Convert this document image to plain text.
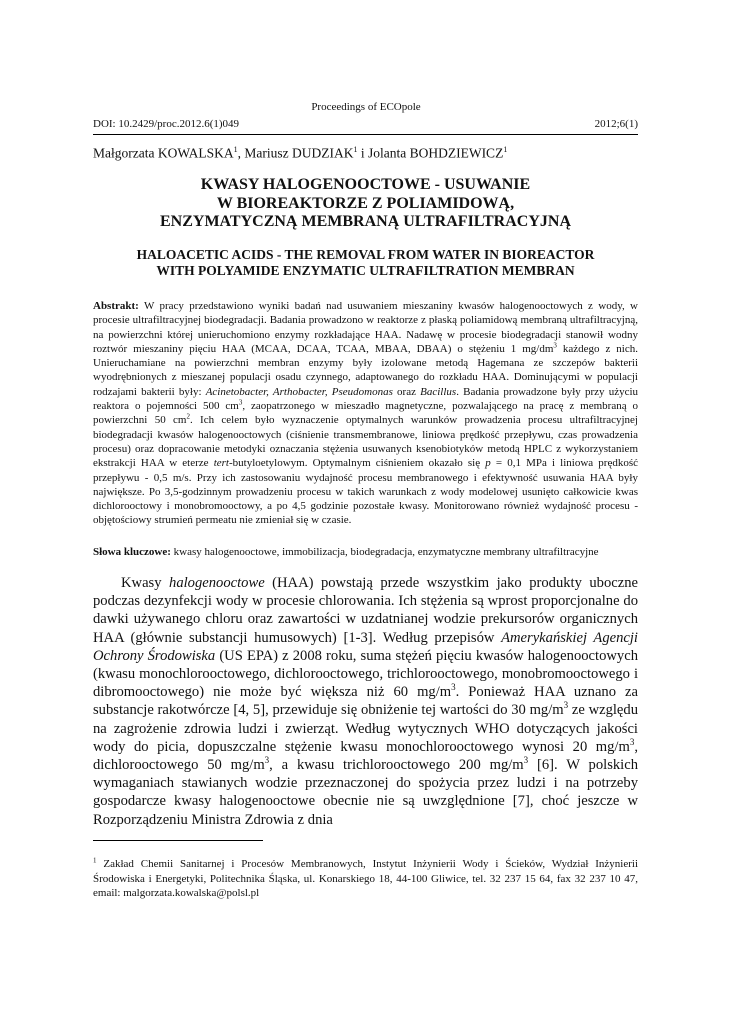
Proceedings of ECOpole
DOI: 10.2429/proc.2012.6(1)049	2012;6(1)
Małgorzata KOWALSKA$^1$, Mariusz DUDZIAK$^1$ i Jolanta BOHDZIEWICZ$^1$
KWASY HALOGENOOCTOWE - USUWANIE
W BIOREAKTORZE Z POLIAMIDOWĄ,
ENZYMATYCZNĄ MEMBRANĄ ULTRAFILTRACYJNĄ
HALOACETIC ACIDS - THE REMOVAL FROM WATER IN BIOREACTOR
WITH POLYAMIDE ENZYMATIC ULTRAFILTRATION MEMBRAN
Abstrakt: W pracy przedstawiono wyniki badań nad usuwaniem mieszaniny kwasów halogenooctowych z wody, w procesie ultrafiltracyjnej biodegradacji. Badania prowadzono w reaktorze z płaską poliamidową membraną ultrafiltracyjną, na powierzchni której unieruchomiono enzymy rozkładające HAA. Nadawę w procesie biodegradacji stanowił wodny roztwór mieszaniny pięciu HAA (MCAA, DCAA, TCAA, MBAA, DBAA) o stężeniu 1 $mg/dm^3$ każdego z nich. Unieruchamiane na powierzchni membran enzymy były izolowane metodą Hagemana ze szczepów bakterii wyodrębnionych z mieszanej populacji osadu czynnego, adaptowanego do rozkładu HAA. Dominującymi w populacji rodzajami bakterii były: Acinetobacter, Arthobacter, Pseudomonas oraz Bacillus. Badania prowadzone były przy użyciu reaktora o pojemności 500 $cm^3$, zaopatrzonego w mieszadło magnetyczne, pozwalającego na pracę z membraną o powierzchni 50 $cm^2$. Ich celem było wyznaczenie optymalnych warunków prowadzenia procesu ultrafiltracyjnej biodegradacji kwasów halogenooctowych (ciśnienie transmembranowe, liniowa prędkość przepływu, czas prowadzenia procesu) oraz dopracowanie metodyki oznaczania stężenia usuwanych ksenobiotyków metodą HPLC z wykorzystaniem ekstrakcji HAA w eterze tert-butyloetylowym. Optymalnym ciśnieniem okazało się p = 0,1 MPa i liniowa prędkość przepływu - 0,5 m/s. Przy ich zastosowaniu wydajność procesu membranowego i efektywność usuwania HAA były największe. Po 3,5-godzinnym prowadzeniu procesu w takich warunkach z wody modelowej usunięto całkowicie kwas dichlorooctowy i monobromooctowy, a po 4,5 godzinie pozostałe kwasy. Monitorowano również wydajność procesu - objętościowy strumień permeatu nie zmieniał się w czasie.
Słowa kluczowe: kwasy halogenooctowe, immobilizacja, biodegradacja, enzymatyczne membrany ultrafiltracyjne

Kwasy halogenooctowe (HAA) powstają przede wszystkim jako produkty uboczne podczas dezynfekcji wody w procesie chlorowania. Ich stężenia są wprost proporcjonalne do dawki używanego chloru oraz zawartości w uzdatnianej wodzie prekursorów organicznych HAA (głównie substancji humusowych) [1-3]. Według przepisów Amerykańskiej Agencji Ochrony Środowiska (US EPA) z 2008 roku, suma stężeń pięciu kwasów halogenooctowych (kwasu monochlorooctowego, dichlorooctowego, trichlorooctowego, monobromooctowego i dibromooctowego) nie może być większa niż 60 $mg/m^3$. Ponieważ HAA uznano za substancje rakotwórcze [4, 5], przewiduje się obniżenie tej wartości do 30 $mg/m^3$ ze względu na zagrożenie zdrowia ludzi i zwierząt. Według wytycznych WHO dotyczących jakości wody do picia, dopuszczalne stężenie kwasu monochlorooctowego wynosi 20 $mg/m^3$, dichlorooctowego 50 $mg/m^3$, a kwasu trichlorooctowego 200 $mg/m^3$ [6]. W polskich wymaganiach stawianych wodzie przeznaczonej do spożycia przez ludzi i na potrzeby gospodarcze kwasy halogenooctowe obecnie nie są uwzględnione [7], choć jeszcze w Rozporządzeniu Ministra Zdrowia z dnia

$^1$ Zakład Chemii Sanitarnej i Procesów Membranowych, Instytut Inżynierii Wody i Ścieków, Wydział Inżynierii Środowiska i Energetyki, Politechnika Śląska, ul. Konarskiego 18, 44-100 Gliwice, tel. 32 237 15 64, fax 32 237 10 47, email: malgorzata.kowalska@polsl.pl
